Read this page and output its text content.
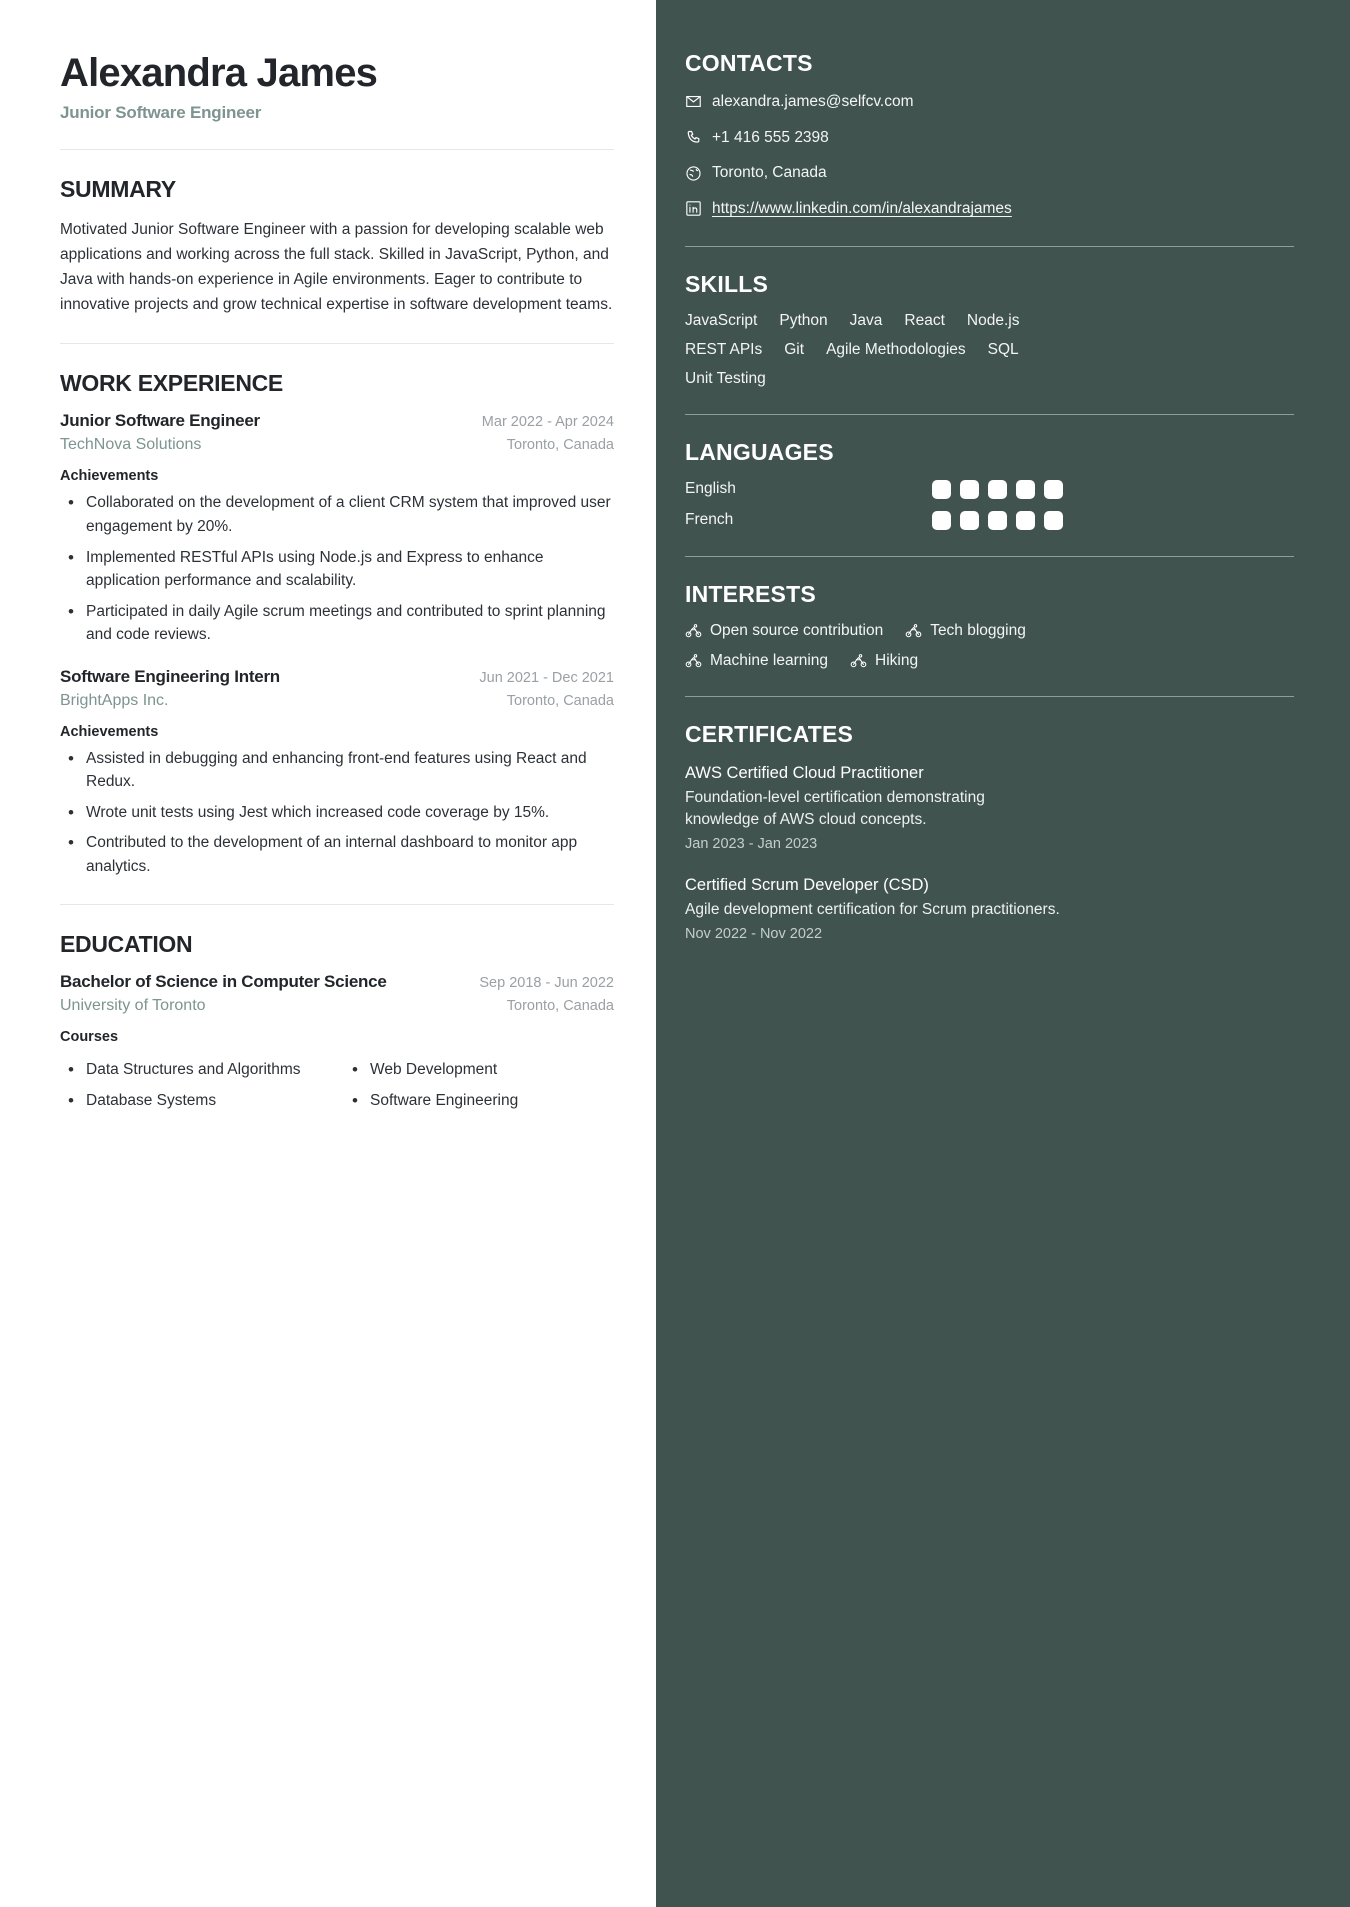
Alexandra James
Junior Software Engineer
SUMMARY
Motivated Junior Software Engineer with a passion for developing scalable web applications and working across the full stack. Skilled in JavaScript, Python, and Java with hands-on experience in Agile environments. Eager to contribute to innovative projects and grow technical expertise in software development teams.
WORK EXPERIENCE
Junior Software Engineer	Mar 2022 - Apr 2024
TechNova Solutions	Toronto, Canada
Achievements
• Collaborated on the development of a client CRM system that improved user engagement by 20%.
• Implemented RESTful APIs using Node.js and Express to enhance application performance and scalability.
• Participated in daily Agile scrum meetings and contributed to sprint planning and code reviews.
Software Engineering Intern	Jun 2021 - Dec 2021
BrightApps Inc.	Toronto, Canada
Achievements
• Assisted in debugging and enhancing front-end features using React and Redux.
• Wrote unit tests using Jest which increased code coverage by 15%.
• Contributed to the development of an internal dashboard to monitor app analytics.
EDUCATION
Bachelor of Science in Computer Science	Sep 2018 - Jun 2022
University of Toronto	Toronto, Canada
Courses
• Data Structures and Algorithms	• Web Development
• Database Systems	• Software Engineering
CONTACTS
alexandra.james@selfcv.com
+1 416 555 2398
Toronto, Canada
https://www.linkedin.com/in/alexandrajames
SKILLS
JavaScript Python Java React Node.js
REST APIs Git Agile Methodologies SQL
Unit Testing
LANGUAGES
English
French
INTERESTS
Open source contribution	Tech blogging
Machine learning	Hiking
CERTIFICATES
AWS Certified Cloud Practitioner
Foundation-level certification demonstrating knowledge of AWS cloud concepts.
Jan 2023 - Jan 2023
Certified Scrum Developer (CSD)
Agile development certification for Scrum practitioners.
Nov 2022 - Nov 2022
